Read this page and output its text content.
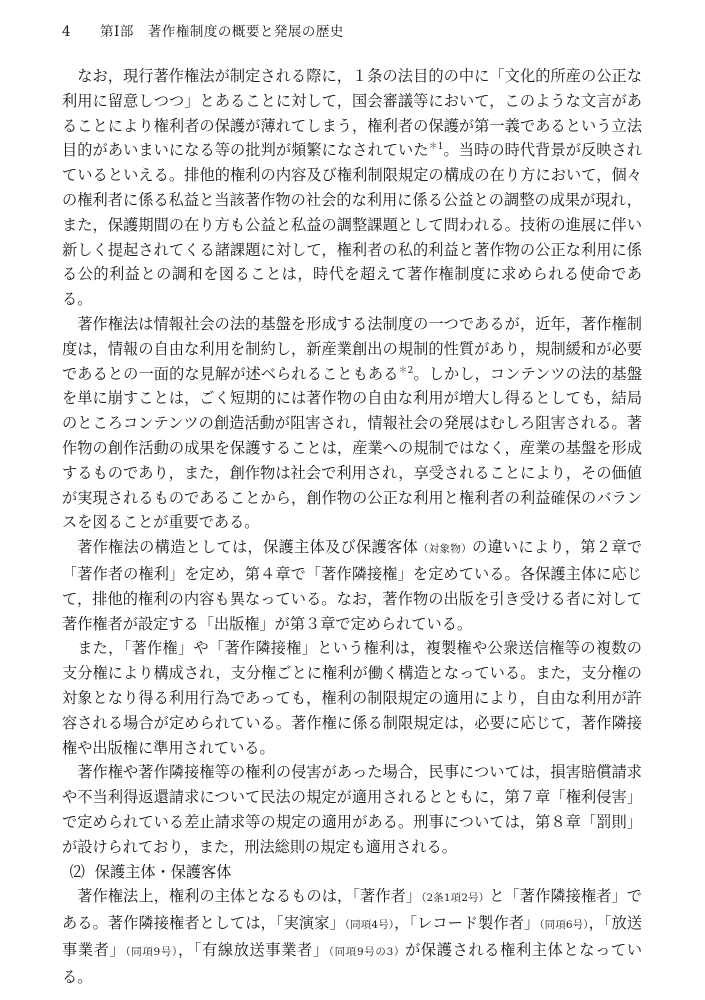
4 第Ⅰ部　著作権制度の概要と発展の歴史

なお，現行著作権法が制定される際に，１条の法目的の中に「文化的所産の公正な利用に留意しつつ」とあることに対して，国会審議等において，このような文言があることにより権利者の保護が薄れてしまう，権利者の保護が第一義であるという立法目的があいまいになる等の批判が頻繁になされていた$^{*1}$。当時の時代背景が反映されているといえる。排他的権利の内容及び権利制限規定の構成の在り方において，個々の権利者に係る私益と当該著作物の社会的な利用に係る公益との調整の成果が現れ，また，保護期間の在り方も公益と私益の調整課題として問われる。技術の進展に伴い新しく提起されてくる諸課題に対して，権利者の私的利益と著作物の公正な利用に係る公的利益との調和を図ることは，時代を超えて著作権制度に求められる使命である。

著作権法は情報社会の法的基盤を形成する法制度の一つであるが，近年，著作権制度は，情報の自由な利用を制約し，新産業創出の規制的性質があり，規制緩和が必要であるとの一面的な見解が述べられることもある$^{*2}$。しかし，コンテンツの法的基盤を単に崩すことは，ごく短期的には著作物の自由な利用が増大し得るとしても，結局のところコンテンツの創造活動が阻害され，情報社会の発展はむしろ阻害される。著作物の創作活動の成果を保護することは，産業への規制ではなく，産業の基盤を形成するものであり，また，創作物は社会で利用され，享受されることにより，その価値が実現されるものであることから，創作物の公正な利用と権利者の利益確保のバランスを図ることが重要である。

著作権法の構造としては，保護主体及び保護客体（対象物）の違いにより，第２章で「著作者の権利」を定め，第４章で「著作隣接権」を定めている。各保護主体に応じて，排他的権利の内容も異なっている。なお，著作物の出版を引き受ける者に対して著作権者が設定する「出版権」が第３章で定められている。

また，「著作権」や「著作隣接権」という権利は，複製権や公衆送信権等の複数の支分権により構成され，支分権ごとに権利が働く構造となっている。また，支分権の対象となり得る利用行為であっても，権利の制限規定の適用により，自由な利用が許容される場合が定められている。著作権に係る制限規定は，必要に応じて，著作隣接権や出版権に準用されている。

著作権や著作隣接権等の権利の侵害があった場合，民事については，損害賠償請求や不当利得返還請求について民法の規定が適用されるとともに，第７章「権利侵害」で定められている差止請求等の規定の適用がある。刑事については，第８章「罰則」が設けられており，また，刑法総則の規定も適用される。

⑵ 保護主体・保護客体

著作権法上，権利の主体となるものは，「著作者」（2条1項2号）と「著作隣接権者」である。著作隣接権者としては，「実演家」（同項4号），「レコード製作者」（同項6号），「放送事業者」（同項9号），「有線放送事業者」（同項9号の3）が保護される権利主体となっている。
